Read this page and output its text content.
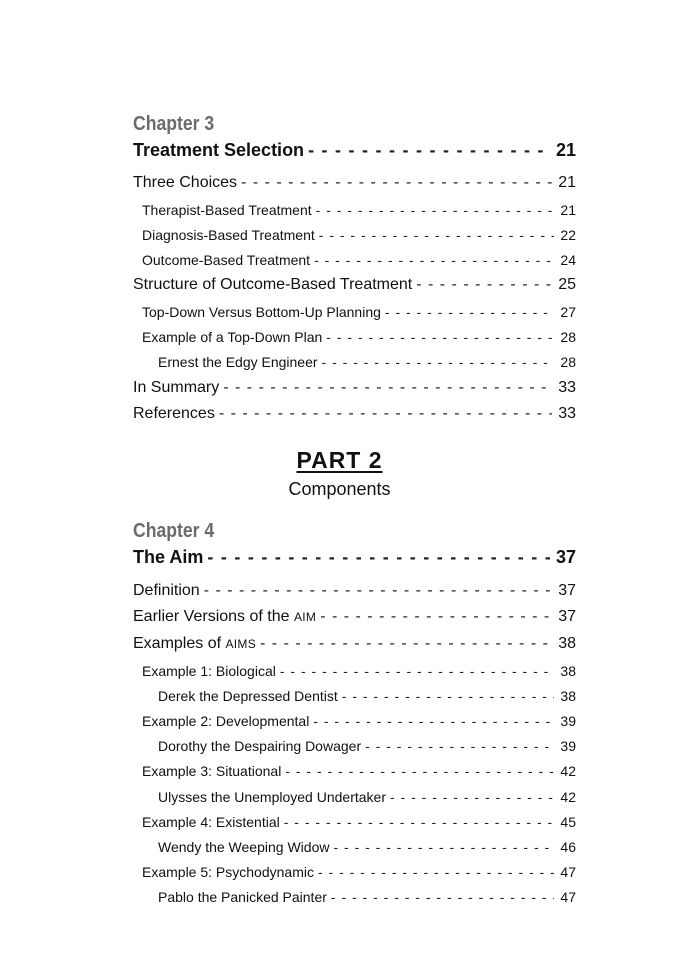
Chapter 3
Treatment Selection - - -	21
Three Choices - - -	21
Therapist-Based Treatment - - -	21
Diagnosis-Based Treatment - - -	22
Outcome-Based Treatment - - -	24
Structure of Outcome-Based Treatment - - -	25
Top-Down Versus Bottom-Up Planning - - -	27
Example of a Top-Down Plan - - -	28
Ernest the Edgy Engineer - - -	28
In Summary - - -	33
References - - -	33
PART 2
Components
Chapter 4
The Aim - - -	37
Definition - - -	37
Earlier Versions of the AIM - - -	37
Examples of AIMS - - -	38
Example 1: Biological - - -	38
Derek the Depressed Dentist - - -	38
Example 2: Developmental - - -	39
Dorothy the Despairing Dowager - - -	39
Example 3: Situational - - -	42
Ulysses the Unemployed Undertaker - - -	42
Example 4: Existential - - -	45
Wendy the Weeping Widow - - -	46
Example 5: Psychodynamic - - -	47
Pablo the Panicked Painter - - -	47
